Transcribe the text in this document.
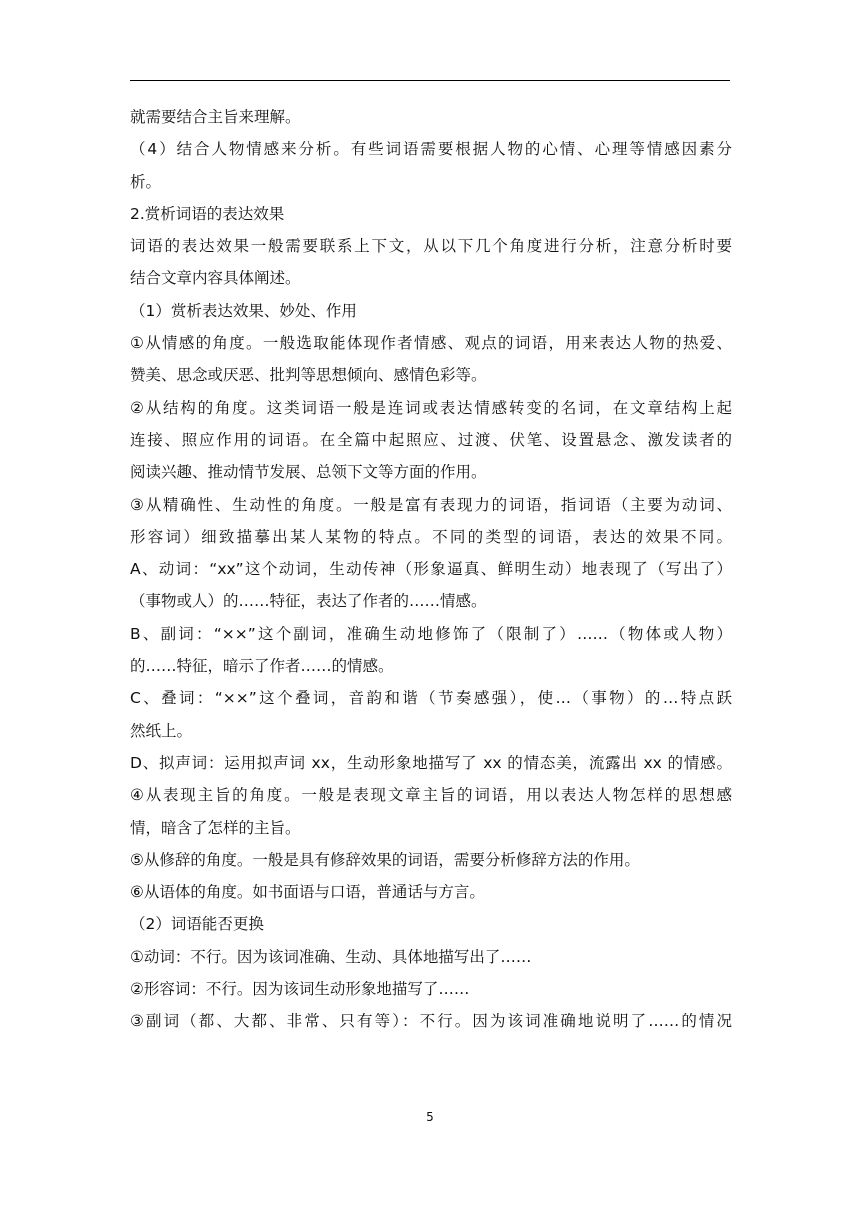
就需要结合主旨来理解。
（4）结合人物情感来分析。有些词语需要根据人物的心情、心理等情感因素分
析。
2.赏析词语的表达效果
词语的表达效果一般需要联系上下文，从以下几个角度进行分析，注意分析时要
结合文章内容具体阐述。
（1）赏析表达效果、妙处、作用
①从情感的角度。一般选取能体现作者情感、观点的词语，用来表达人物的热爱、
赞美、思念或厌恶、批判等思想倾向、感情色彩等。
②从结构的角度。这类词语一般是连词或表达情感转变的名词，在文章结构上起
连接、照应作用的词语。在全篇中起照应、过渡、伏笔、设置悬念、激发读者的
阅读兴趣、推动情节发展、总领下文等方面的作用。
③从精确性、生动性的角度。一般是富有表现力的词语，指词语（主要为动词、
形容词）细致描摹出某人某物的特点。不同的类型的词语，表达的效果不同。
A、动词：“xx”这个动词，生动传神（形象逼真、鲜明生动）地表现了（写出了）
（事物或人）的……特征，表达了作者的……情感。
B、副词：“××”这个副词，准确生动地修饰了（限制了）……（物体或人物）
的……特征，暗示了作者……的情感。
C、叠词：“××”这个叠词，音韵和谐（节奏感强），使…（事物）的…特点跃
然纸上。
D、拟声词：运用拟声词 xx，生动形象地描写了 xx 的情态美，流露出 xx 的情感。
④从表现主旨的角度。一般是表现文章主旨的词语，用以表达人物怎样的思想感
情，暗含了怎样的主旨。
⑤从修辞的角度。一般是具有修辞效果的词语，需要分析修辞方法的作用。
⑥从语体的角度。如书面语与口语，普通话与方言。
（2）词语能否更换
①动词：不行。因为该词准确、生动、具体地描写出了……
②形容词：不行。因为该词生动形象地描写了……
③副词（都、大都、非常、只有等）：不行。因为该词准确地说明了……的情况
5
